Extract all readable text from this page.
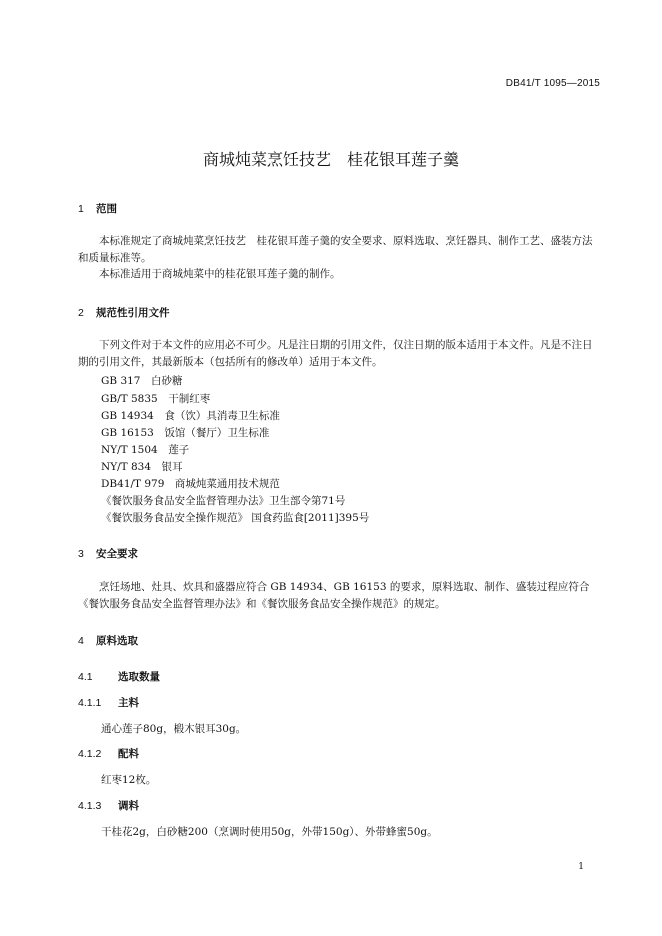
DB41/T 1095—2015
商城炖菜烹饪技艺　桂花银耳莲子羹
1 范围
本标准规定了商城炖菜烹饪技艺　桂花银耳莲子羹的安全要求、原料选取、烹饪器具、制作工艺、盛装方法和质量标准等。
本标准适用于商城炖菜中的桂花银耳莲子羹的制作。
2 规范性引用文件
下列文件对于本文件的应用必不可少。凡是注日期的引用文件，仅注日期的版本适用于本文件。凡是不注日期的引用文件，其最新版本（包括所有的修改单）适用于本文件。
GB 317　白砂糖
GB/T 5835　干制红枣
GB 14934　食（饮）具消毒卫生标准
GB 16153　饭馆（餐厅）卫生标准
NY/T 1504　莲子
NY/T 834　银耳
DB41/T 979　商城炖菜通用技术规范
《餐饮服务食品安全监督管理办法》卫生部令第71号
《餐饮服务食品安全操作规范》 国食药监食[2011]395号
3 安全要求
烹饪场地、灶具、炊具和盛器应符合 GB 14934、GB 16153 的要求，原料选取、制作、盛装过程应符合《餐饮服务食品安全监督管理办法》和《餐饮服务食品安全操作规范》的规定。
4 原料选取
4.1 选取数量
4.1.1 主料
通心莲子80g，椴木银耳30g。
4.1.2 配料
红枣12枚。
4.1.3 调料
干桂花2g，白砂糖200（烹调时使用50g，外带150g）、外带蜂蜜50g。
1
